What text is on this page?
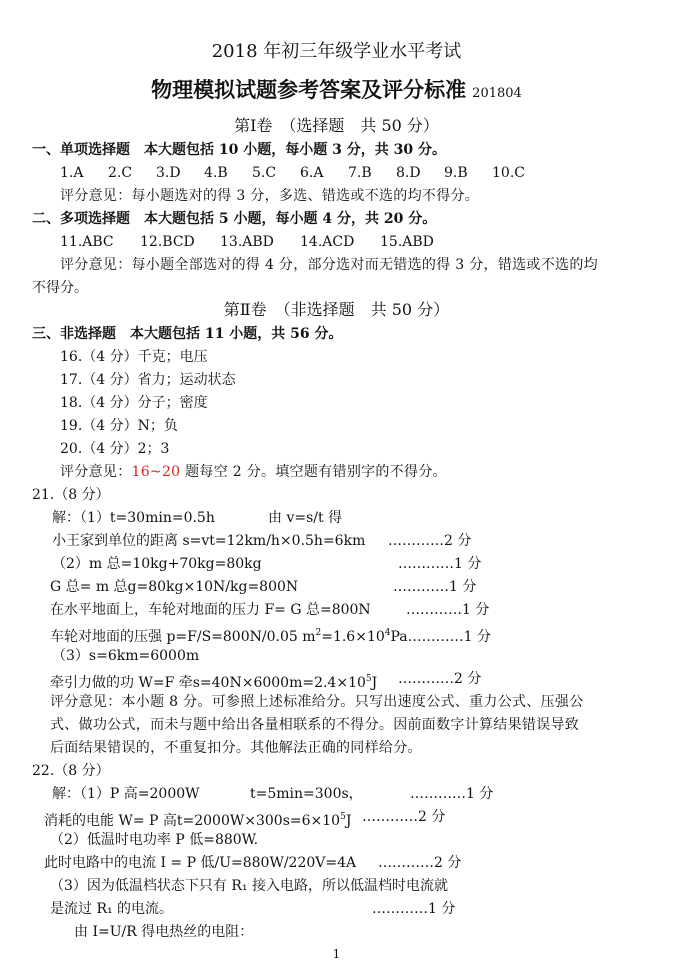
2018 年初三年级学业水平考试
物理模拟试题参考答案及评分标准 201804
第Ⅰ卷　（选择题　共 50 分）
一、单项选择题　本大题包括 10 小题，每小题 3 分，共 30 分。
1.A 2.C 3.D 4.B 5.C 6.A 7.B 8.D 9.B 10.C
评分意见：每小题选对的得 3 分，多选、错选或不选的均不得分。
二、多项选择题　本大题包括 5 小题，每小题 4 分，共 20 分。
11.ABC 12.BCD 13.ABD 14.ACD 15.ABD
评分意见：每小题全部选对的得 4 分，部分选对而无错选的得 3 分，错选或不选的均
不得分。
第Ⅱ卷　（非选择题　共 50 分）
三、非选择题　本大题包括 11 小题，共 56 分。
16.（4 分）千克；电压
17.（4 分）省力；运动状态
18.（4 分）分子；密度
19.（4 分）N；负
20.（4 分）2；3
评分意见：16~20 题每空 2 分。填空题有错别字的不得分。
21.（8 分）
解：（1）t=30min=0.5h	由 v=s/t 得
小王家到单位的距离 s=vt=12km/h×0.5h=6km …………2 分
（2）m 总=10kg+70kg=80kg	…………1 分
G 总= m 总g=80kg×10N/kg=800N	…………1 分
在水平地面上，车轮对地面的压力 F= G 总=800N	…………1 分
车轮对地面的压强 p=F/S=800N/0.05 $m^2=1.6\times 10^4Pa\dots\dots\dots\dots 1$ 分
（3）s=6km=6000m
牵引力做的功 W=F 牵$s=40N\times 6000m=2.4\times 10^5J$ …………2 分
评分意见：本小题 8 分。可参照上述标准给分。只写出速度公式、重力公式、压强公
式、做功公式，而未与题中给出各量相联系的不得分。因前面数字计算结果错误导致
后面结果错误的，不重复扣分。其他解法正确的同样给分。
22.（8 分）
解：（1）P 高=2000W	t=5min=300s，	…………1 分
消耗的电能 W= P 高$t=2000W\times 300s=6\times 10^5J$ …………2 分
（2）低温时电功率 P 低=880W.
此时电路中的电流 I = P 低/U=880W/220V=4A …………2 分
（3）因为低温档状态下只有 R₁ 接入电路，所以低温档时电流就
是流过 R₁ 的电流。	…………1 分
由 I=U/R 得电热丝的电阻：
1
